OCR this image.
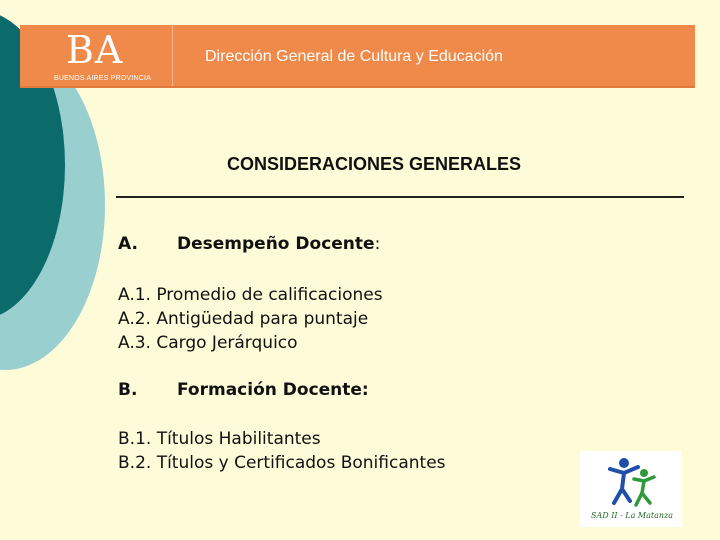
BA
BUENOS AIRES PROVINCIA
Dirección General de Cultura y Educación
CONSIDERACIONES GENERALES
A. Desempeño Docente:
A.1. Promedio de calificaciones
A.2. Antigüedad para puntaje
A.3. Cargo Jerárquico
B. Formación Docente:
B.1. Títulos Habilitantes
B.2. Títulos y Certificados Bonificantes
SAD II - La Matanza
